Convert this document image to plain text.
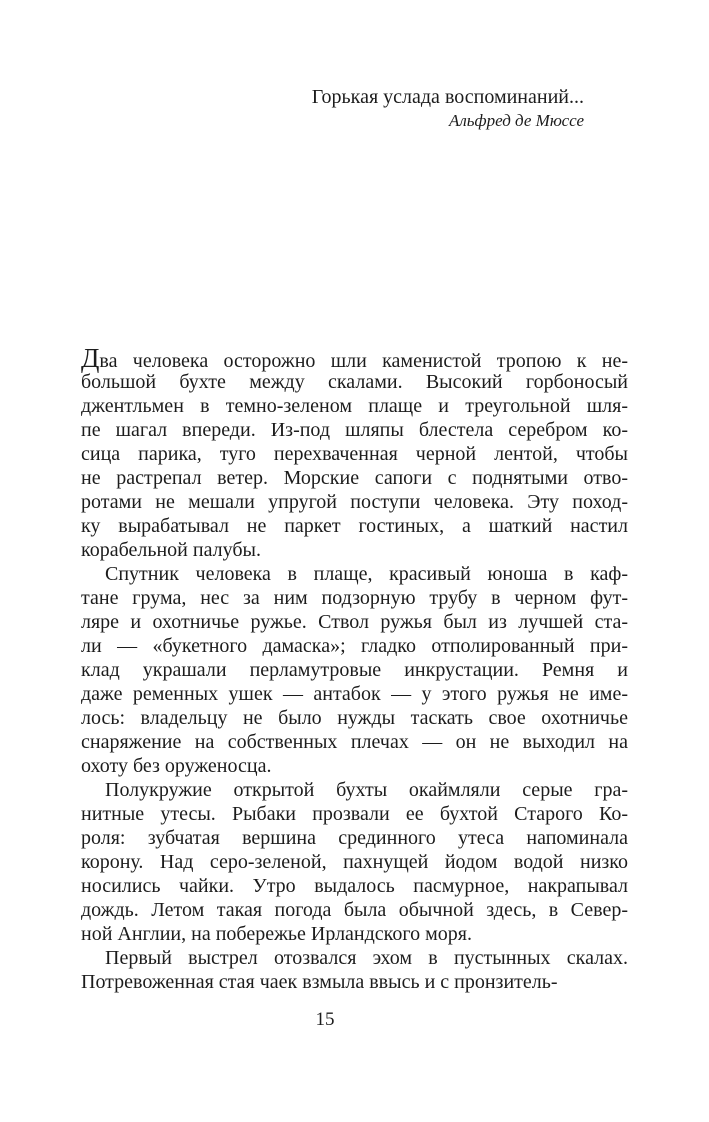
Горькая услада воспоминаний...
Альфред де Мюссе
Два человека осторожно шли каменистой тропою к не-
большой бухте между скалами. Высокий горбоносый
джентльмен в темно-зеленом плаще и треугольной шля-
пе шагал впереди. Из-под шляпы блестела серебром ко-
сица парика, туго перехваченная черной лентой, чтобы
не растрепал ветер. Морские сапоги с поднятыми отво-
ротами не мешали упругой поступи человека. Эту поход-
ку вырабатывал не паркет гостиных, а шаткий настил
корабельной палубы.
Спутник человека в плаще, красивый юноша в каф-
тане грума, нес за ним подзорную трубу в черном фут-
ляре и охотничье ружье. Ствол ружья был из лучшей ста-
ли — «букетного дамаска»; гладко отполированный при-
клад украшали перламутровые инкрустации. Ремня и
даже ременных ушек — антабок — у этого ружья не име-
лось: владельцу не было нужды таскать свое охотничье
снаряжение на собственных плечах — он не выходил на
охоту без оруженосца.
Полукружие открытой бухты окаймляли серые гра-
нитные утесы. Рыбаки прозвали ее бухтой Старого Ко-
роля: зубчатая вершина срединного утеса напоминала
корону. Над серо-зеленой, пахнущей йодом водой низко
носились чайки. Утро выдалось пасмурное, накрапывал
дождь. Летом такая погода была обычной здесь, в Север-
ной Англии, на побережье Ирландского моря.
Первый выстрел отозвался эхом в пустынных скалах.
Потревоженная стая чаек взмыла ввысь и с пронзитель-
15
